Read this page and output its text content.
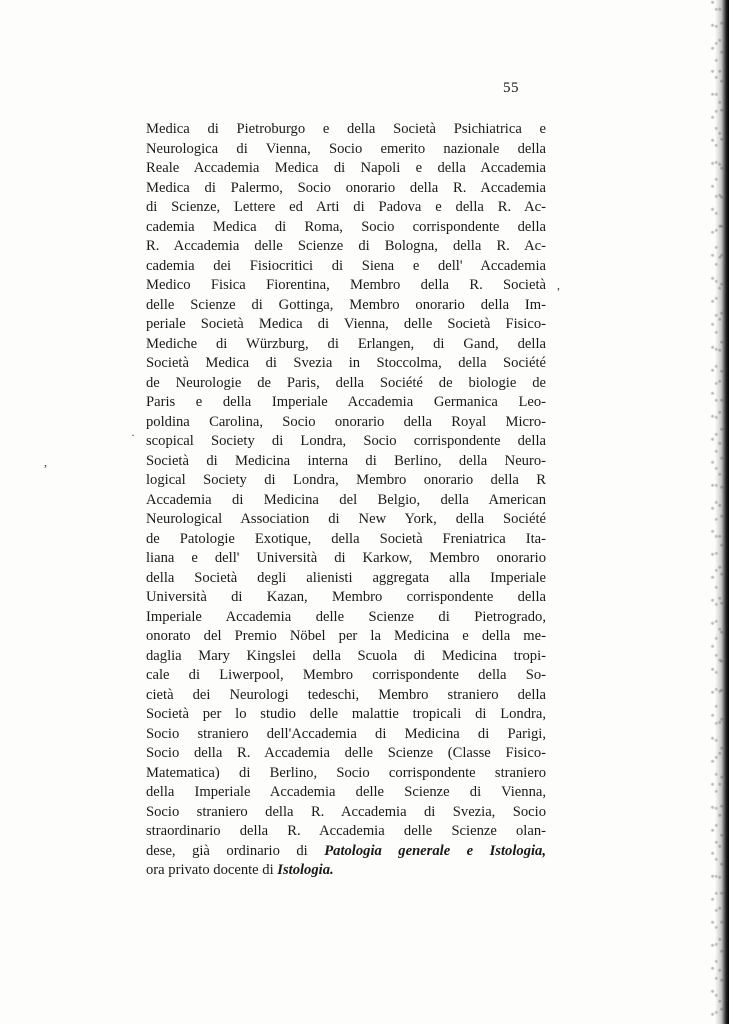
55
Medica di Pietroburgo e della Società Psichiatrica e
Neurologica di Vienna, Socio emerito nazionale della
Reale Accademia Medica di Napoli e della Accademia
Medica di Palermo, Socio onorario della R. Accademia
di Scienze, Lettere ed Arti di Padova e della R. Ac-
cademia Medica di Roma, Socio corrispondente della
R. Accademia delle Scienze di Bologna, della R. Ac-
cademia dei Fisiocritici di Siena e dell' Accademia
Medico Fisica Fiorentina, Membro della R. Società
delle Scienze di Gottinga, Membro onorario della Im-
periale Società Medica di Vienna, delle Società Fisico-
Mediche di Würzburg, di Erlangen, di Gand, della
Società Medica di Svezia in Stoccolma, della Société
de Neurologie de Paris, della Société de biologie de
Paris e della Imperiale Accademia Germanica Leo-
poldina Carolina, Socio onorario della Royal Micro-
scopical Society di Londra, Socio corrispondente della
Società di Medicina interna di Berlino, della Neuro-
logical Society di Londra, Membro onorario della R
Accademia di Medicina del Belgio, della American
Neurological Association di New York, della Société
de Patologie Exotique, della Società Freniatrica Ita-
liana e dell' Università di Karkow, Membro onorario
della Società degli alienisti aggregata alla Imperiale
Università di Kazan, Membro corrispondente della
Imperiale Accademia delle Scienze di Pietrogrado,
onorato del Premio Nöbel per la Medicina e della me-
daglia Mary Kingslei della Scuola di Medicina tropi-
cale di Liwerpool, Membro corrispondente della So-
cietà dei Neurologi tedeschi, Membro straniero della
Società per lo studio delle malattie tropicali di Londra,
Socio straniero dell'Accademia di Medicina di Parigi,
Socio della R. Accademia delle Scienze (Classe Fisico-
Matematica) di Berlino, Socio corrispondente straniero
della Imperiale Accademia delle Scienze di Vienna,
Socio straniero della R. Accademia di Svezia, Socio
straordinario della R. Accademia delle Scienze olan-
dese, già ordinario di Patologia generale e Istologia,
ora privato docente di Istologia.
,
,
·
